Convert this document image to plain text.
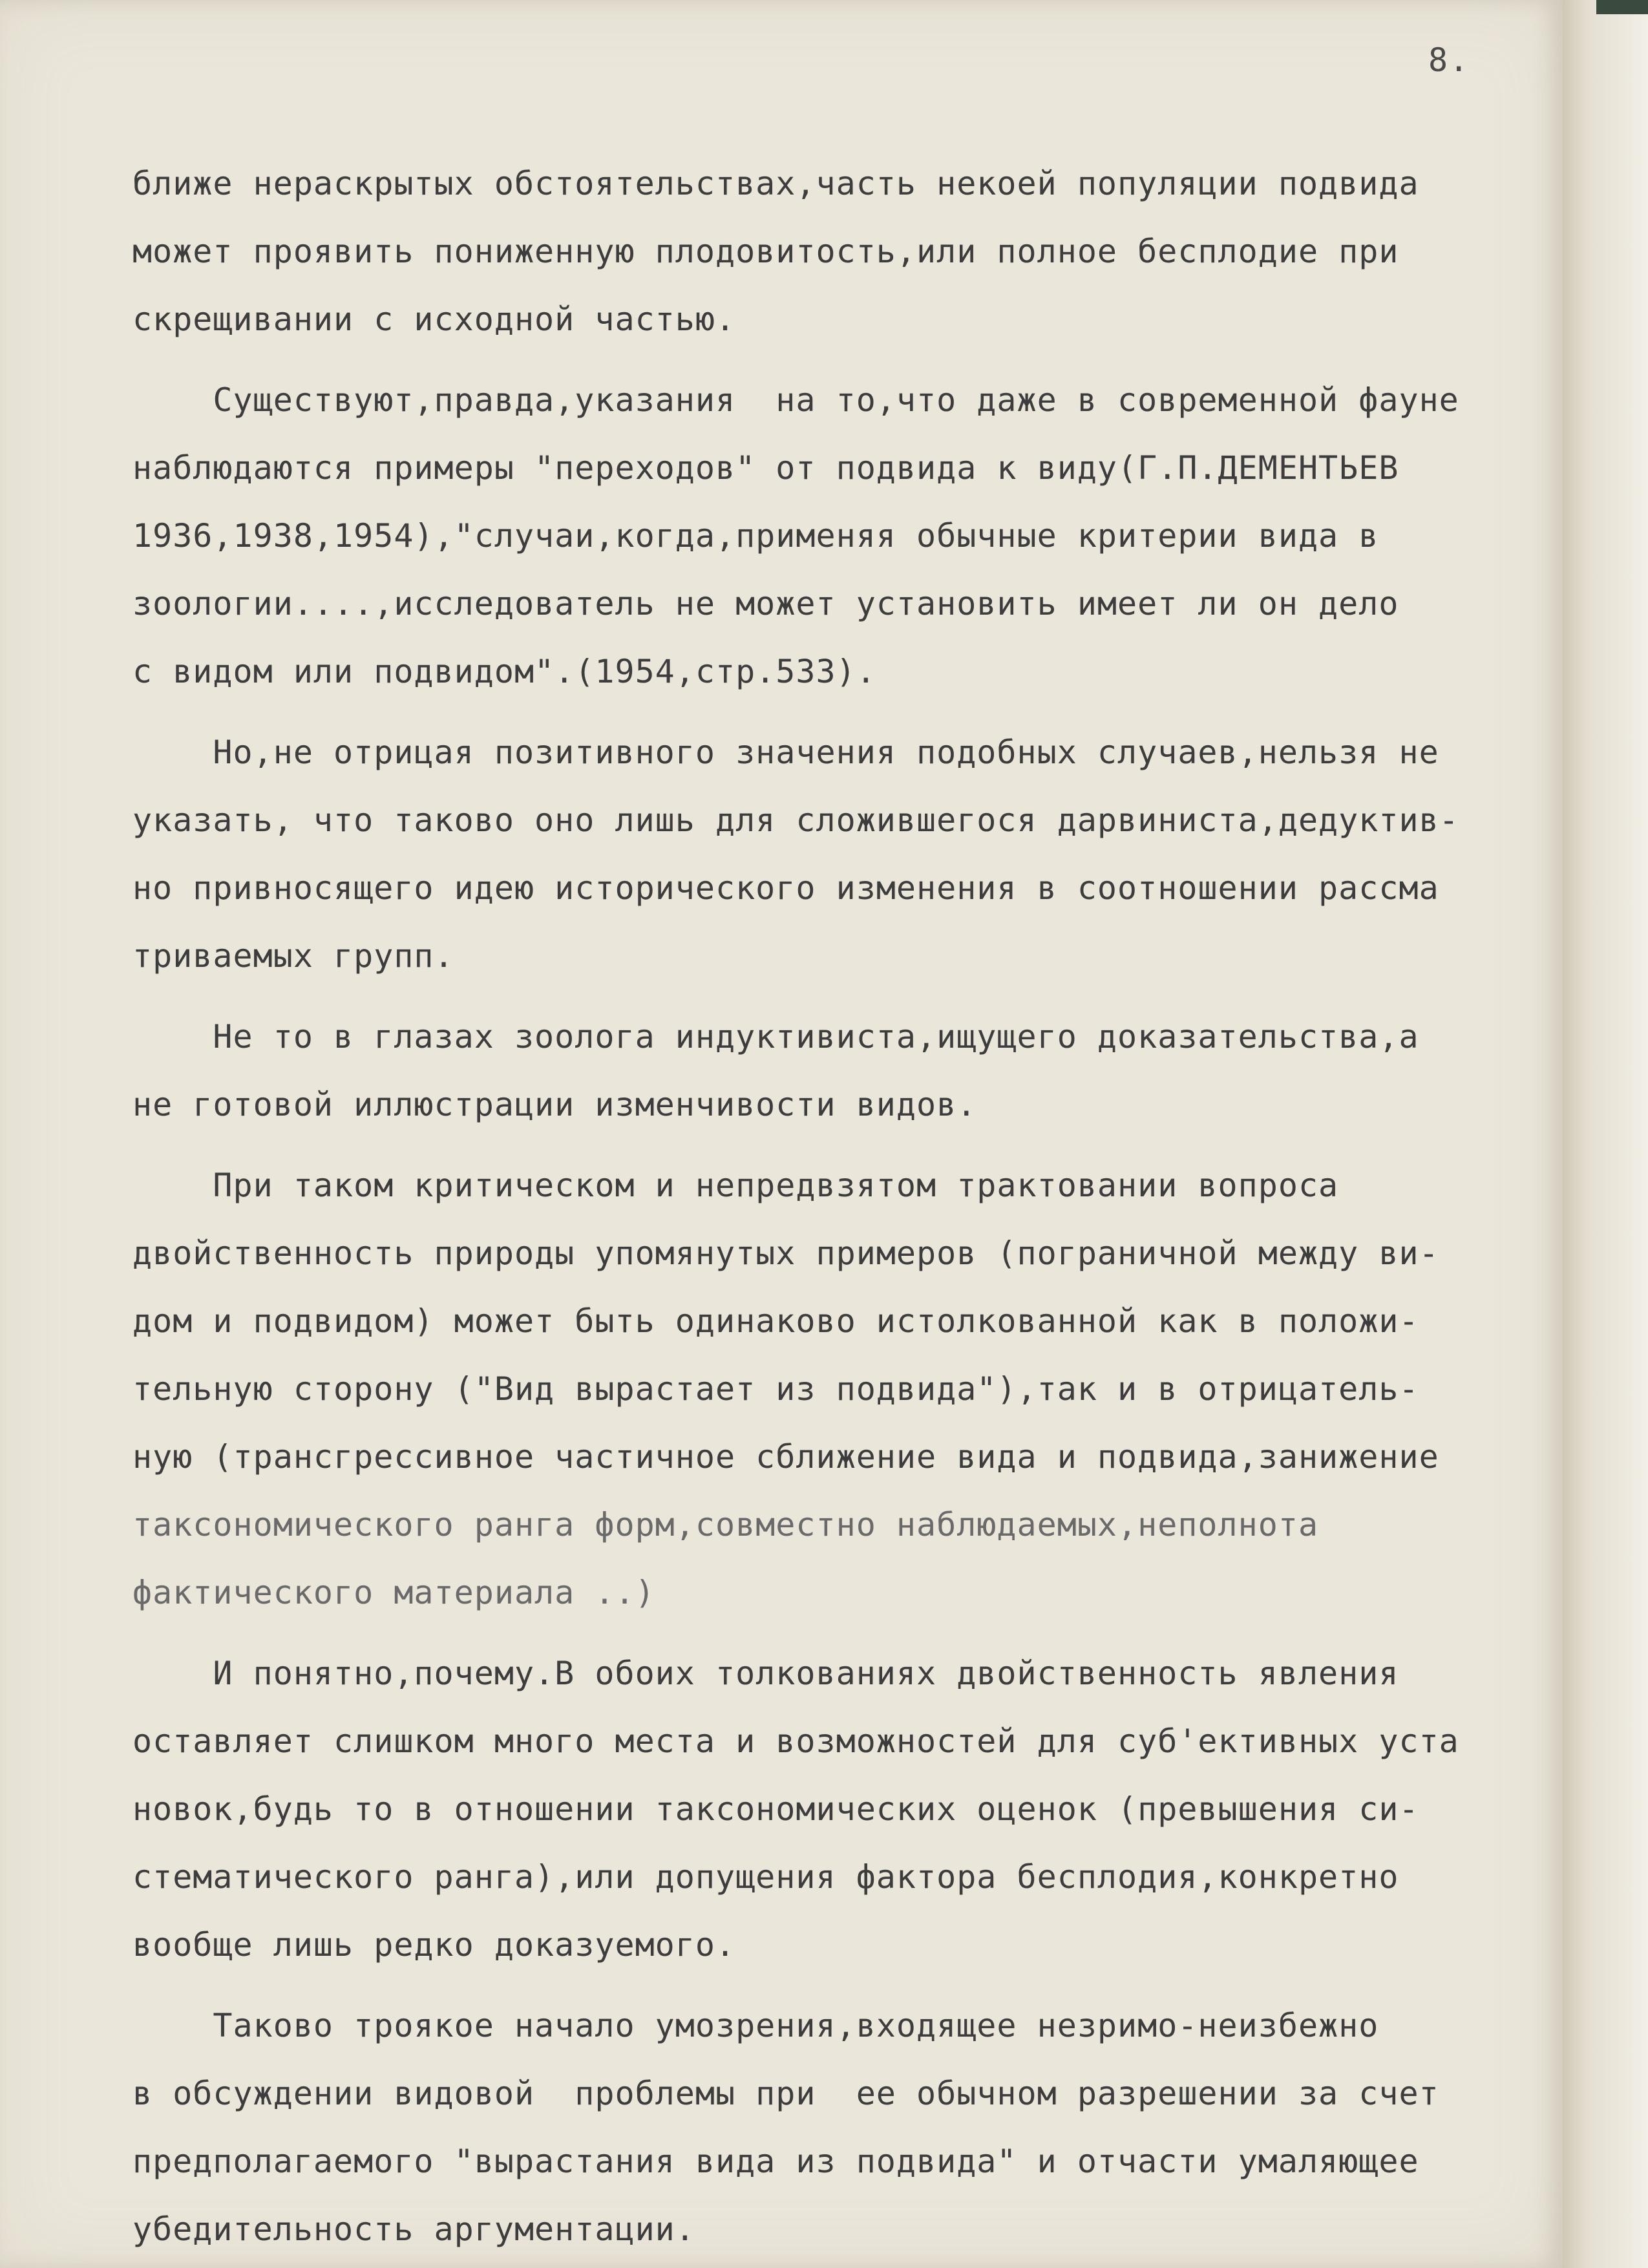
8.
ближе нераскрытых обстоятельствах,часть некоей популяции подвида
может проявить пониженную плодовитость,или полное бесплодие при
скрещивании с исходной частью.
Существуют,правда,указания  на то,что даже в современной фауне
наблюдаются примеры "переходов" от подвида к виду(Г.П.ДЕМЕНТЬЕВ
1936,1938,1954),"случаи,когда,применяя обычные критерии вида в
зоологии....,исследователь не может установить имеет ли он дело
с видом или подвидом".(1954,стр.533).
Но,не отрицая позитивного значения подобных случаев,нельзя не
указать, что таково оно лишь для сложившегося дарвиниста,дедуктив-
но привносящего идею исторического изменения в соотношении рассма
триваемых групп.
Не то в глазах зоолога индуктивиста,ищущего доказательства,а
не готовой иллюстрации изменчивости видов.
При таком критическом и непредвзятом трактовании вопроса
двойственность природы упомянутых примеров (пограничной между ви-
дом и подвидом) может быть одинаково истолкованной как в положи-
тельную сторону ("Вид вырастает из подвида"),так и в отрицатель-
ную (трансгрессивное частичное сближение вида и подвида,занижение
таксономического ранга форм,совместно наблюдаемых,неполнота
фактического материала ..)
И понятно,почему.В обоих толкованиях двойственность явления
оставляет слишком много места и возможностей для суб'ективных уста
новок,будь то в отношении таксономических оценок (превышения си-
стематического ранга),или допущения фактора бесплодия,конкретно
вообще лишь редко доказуемого.
Таково троякое начало умозрения,входящее незримо-неизбежно
в обсуждении видовой  проблемы при  ее обычном разрешении за счет
предполагаемого "вырастания вида из подвида" и отчасти умаляющее
убедительность аргументации.
